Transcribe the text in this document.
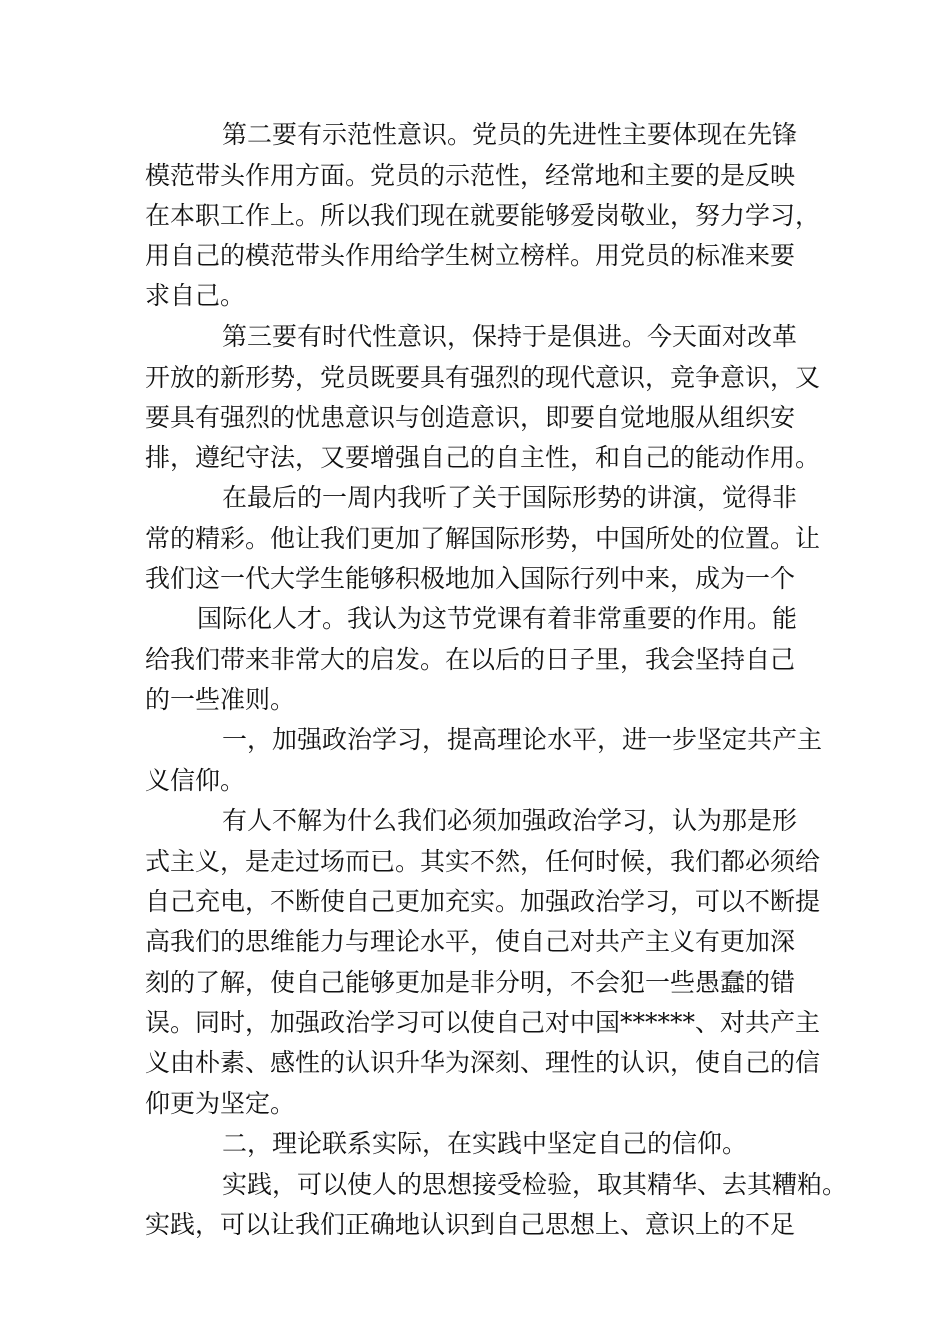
第二要有示范性意识。党员的先进性主要体现在先锋
模范带头作用方面。党员的示范性，经常地和主要的是反映
在本职工作上。所以我们现在就要能够爱岗敬业，努力学习，
用自己的模范带头作用给学生树立榜样。用党员的标准来要
求自己。
第三要有时代性意识，保持于是俱进。今天面对改革
开放的新形势，党员既要具有强烈的现代意识，竞争意识，又
要具有强烈的忧患意识与创造意识，即要自觉地服从组织安
排，遵纪守法，又要增强自己的自主性，和自己的能动作用。
在最后的一周内我听了关于国际形势的讲演，觉得非
常的精彩。他让我们更加了解国际形势，中国所处的位置。让
我们这一代大学生能够积极地加入国际行列中来，成为一个
国际化人才。我认为这节党课有着非常重要的作用。能
给我们带来非常大的启发。在以后的日子里，我会坚持自己
的一些准则。
一，加强政治学习，提高理论水平，进一步坚定共产主
义信仰。
有人不解为什么我们必须加强政治学习，认为那是形
式主义，是走过场而已。其实不然，任何时候，我们都必须给
自己充电，不断使自己更加充实。加强政治学习，可以不断提
高我们的思维能力与理论水平，使自己对共产主义有更加深
刻的了解，使自己能够更加是非分明，不会犯一些愚蠢的错
误。同时，加强政治学习可以使自己对中国******、对共产主
义由朴素、感性的认识升华为深刻、理性的认识，使自己的信
仰更为坚定。
二，理论联系实际，在实践中坚定自己的信仰。
实践，可以使人的思想接受检验，取其精华、去其糟粕。
实践，可以让我们正确地认识到自己思想上、意识上的不足
